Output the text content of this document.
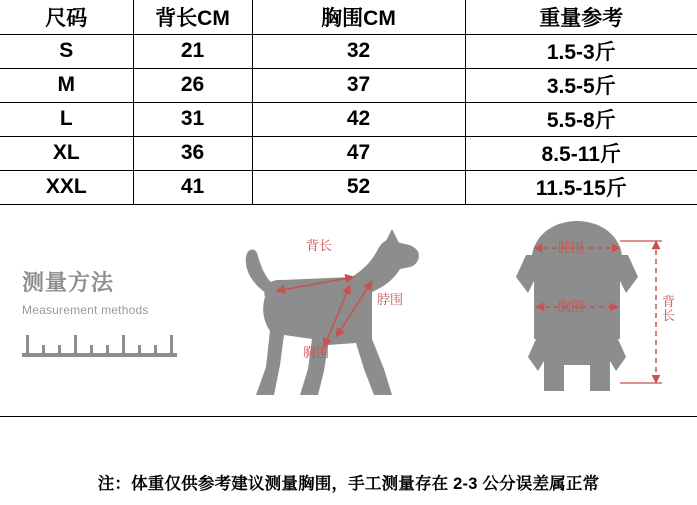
尺码	背长CM	胸围CM	重量参考
S	21	32	1.5-3斤
M	26	37	3.5-5斤
L	31	42	5.5-8斤
XL	36	47	8.5-11斤
XXL	41	52	11.5-15斤
测量方法
Measurement methods
背长
脖围
胸围
脖围
胸围	背长
注：体重仅供参考建议测量胸围，手工测量存在 2-3 公分误差属正常
